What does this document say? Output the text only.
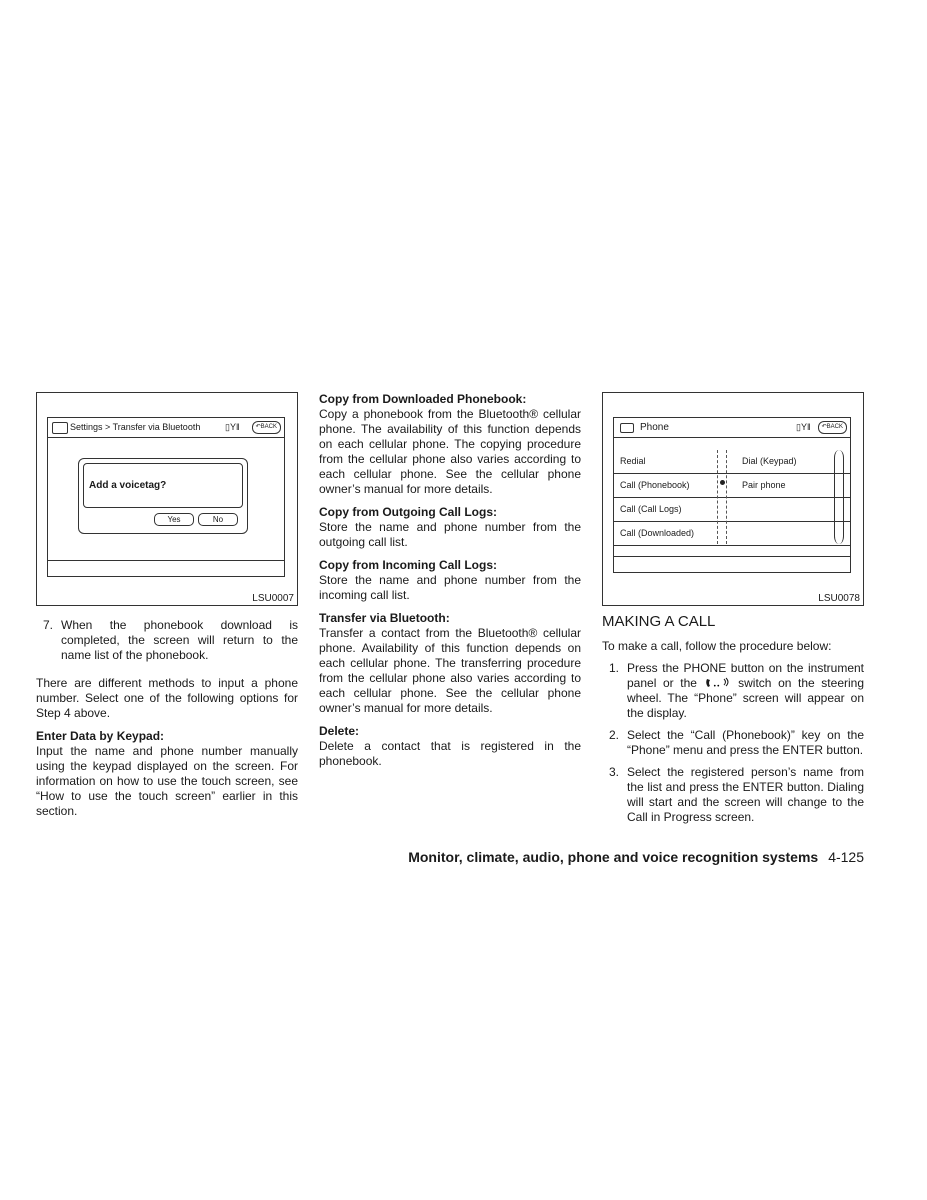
Settings > Transfer via Bluetooth	▯Y‖	↶BACK
Add a voicetag?
Yes	No
LSU0007
7. When the phonebook download is completed, the screen will return to the name list of the phonebook.

There are different methods to input a phone number. Select one of the following options for Step 4 above.

Enter Data by Keypad:

Input the name and phone number manually using the keypad displayed on the screen. For information on how to use the touch screen, see “How to use the touch screen” earlier in this section.

Copy from Downloaded Phonebook:

Copy a phonebook from the Bluetooth® cellular phone. The availability of this function depends on each cellular phone. The copying procedure from the cellular phone also varies according to each cellular phone. See the cellular phone owner’s manual for more details.

Copy from Outgoing Call Logs:

Store the name and phone number from the outgoing call list.

Copy from Incoming Call Logs:

Store the name and phone number from the incoming call list.

Transfer via Bluetooth:

Transfer a contact from the Bluetooth® cellular phone. Availability of this function depends on each cellular phone. The transferring procedure from the cellular phone also varies according to each cellular phone. See the cellular phone owner’s manual for more details.

Delete:

Delete a contact that is registered in the phonebook.

Phone	▯Y‖	↶BACK
Redial	Dial (Keypad)
Call (Phonebook)	Pair phone
Call (Call Logs)
Call (Downloaded)
LSU0078
MAKING A CALL

To make a call, follow the procedure below:

1. Press the PHONE button on the instrument panel or the	•• switch on the steering wheel. The “Phone” screen will appear on the display.
2. Select the “Call (Phonebook)” key on the “Phone” menu and press the ENTER button.
3. Select the registered person’s name from the list and press the ENTER button. Dialing will start and the screen will change to the Call in Progress screen.
Monitor, climate, audio, phone and voice recognition systems 4-125
